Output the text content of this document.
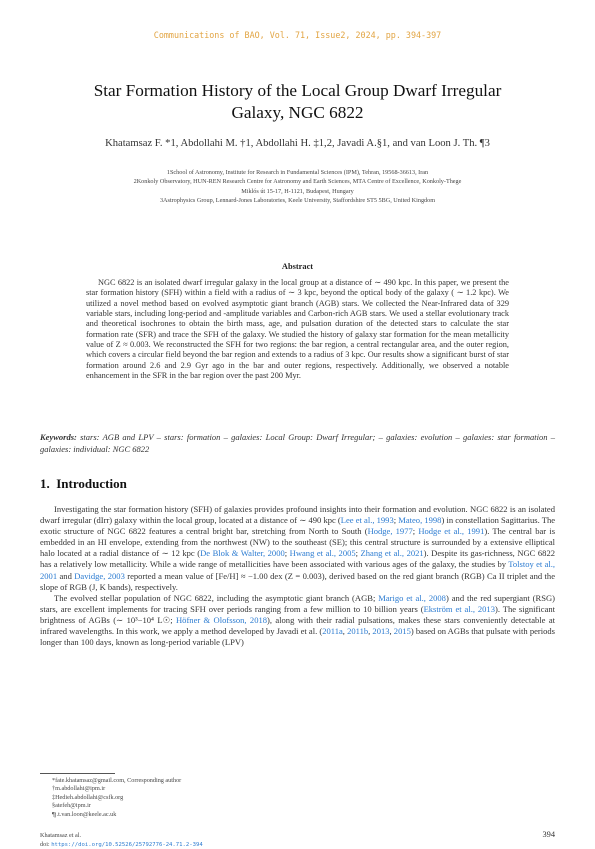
Communications of BAO, Vol. 71, Issue2, 2024, pp. 394-397
Star Formation History of the Local Group Dwarf Irregular
Galaxy, NGC 6822
Khatamsaz F. *1, Abdollahi M. †1, Abdollahi H. ‡1,2, Javadi A.§1, and van Loon J. Th. ¶3
1School of Astronomy, Institute for Research in Fundamental Sciences (IPM), Tehran, 19568-36613, Iran
2Konkoly Observatory, HUN-REN Research Centre for Astronomy and Earth Sciences, MTA Centre of Excellence, Konkoly-Thege
Miklós út 15-17, H-1121, Budapest, Hungary
3Astrophysics Group, Lennard-Jones Laboratories, Keele University, Staffordshire ST5 5BG, United Kingdom
Abstract

NGC 6822 is an isolated dwarf irregular galaxy in the local group at a distance of ∼ 490 kpc. In this paper, we present the star formation history (SFH) within a field with a radius of ∼ 3 kpc, beyond the optical body of the galaxy ( ∼ 1.2 kpc). We utilized a novel method based on evolved asymptotic giant branch (AGB) stars. We collected the Near-Infrared data of 329 variable stars, including long-period and -amplitude variables and Carbon-rich AGB stars. We used a stellar evolutionary track and theoretical isochrones to obtain the birth mass, age, and pulsation duration of the detected stars to calculate the star formation rate (SFR) and trace the SFH of the galaxy. We studied the history of galaxy star formation for the mean metallicity value of Z ≈ 0.003. We reconstructed the SFH for two regions: the bar region, a central rectangular area, and the outer region, which covers a circular field beyond the bar region and extends to a radius of 3 kpc. Our results show a significant burst of star formation around 2.6 and 2.9 Gyr ago in the bar and outer regions, respectively. Additionally, we observed a notable enhancement in the SFR in the bar region over the past 200 Myr.

Keywords: stars: AGB and LPV – stars: formation – galaxies: Local Group: Dwarf Irregular; – galaxies: evolution – galaxies: star formation – galaxies: individual: NGC 6822
1. Introduction

Investigating the star formation history (SFH) of galaxies provides profound insights into their formation and evolution. NGC 6822 is an isolated dwarf irregular (dIrr) galaxy within the local group, located at a distance of ∼ 490 kpc (Lee et al., 1993; Mateo, 1998) in constellation Sagittarius. The exotic structure of NGC 6822 features a central bright bar, stretching from North to South (Hodge, 1977; Hodge et al., 1991). The central bar is embedded in an HI envelope, extending from the northwest (NW) to the southeast (SE); this central structure is surrounded by a extensive elliptical halo located at a radial distance of ∼ 12 kpc (De Blok & Walter, 2000; Hwang et al., 2005; Zhang et al., 2021). Despite its gas-richness, NGC 6822 has a relatively low metallicity. While a wide range of metallicities have been associated with various ages of the galaxy, the studies by Tolstoy et al., 2001 and Davidge, 2003 reported a mean value of [Fe/H] ≈ −1.00 dex (Z = 0.003), derived based on the red giant branch (RGB) Ca II triplet and the slope of RGB (J, K bands), respectively.

The evolved stellar population of NGC 6822, including the asymptotic giant branch (AGB; Marigo et al., 2008) and the red supergiant (RSG) stars, are excellent implements for tracing SFH over periods ranging from a few million to 10 billion years (Ekström et al., 2013). The significant brightness of AGBs (∼ 10³−10⁴ L☉; Höfner & Olofsson, 2018), along with their radial pulsations, makes these stars conveniently detectable at infrared wavelengths. In this work, we apply a method developed by Javadi et al. (2011a, 2011b, 2013, 2015) based on AGBs that pulsate with periods longer than 100 days, known as long-period variable (LPV)

*fate.khatamsaz@gmail.com, Corresponding author
†m.abdollahi@ipm.ir
‡Hedieh.abdollahi@csfk.org
§atefeh@ipm.ir
¶j.t.van.loon@keele.ac.uk
Khatamsaz et al.
doi: https://doi.org/10.52526/25792776-24.71.2-394
394
